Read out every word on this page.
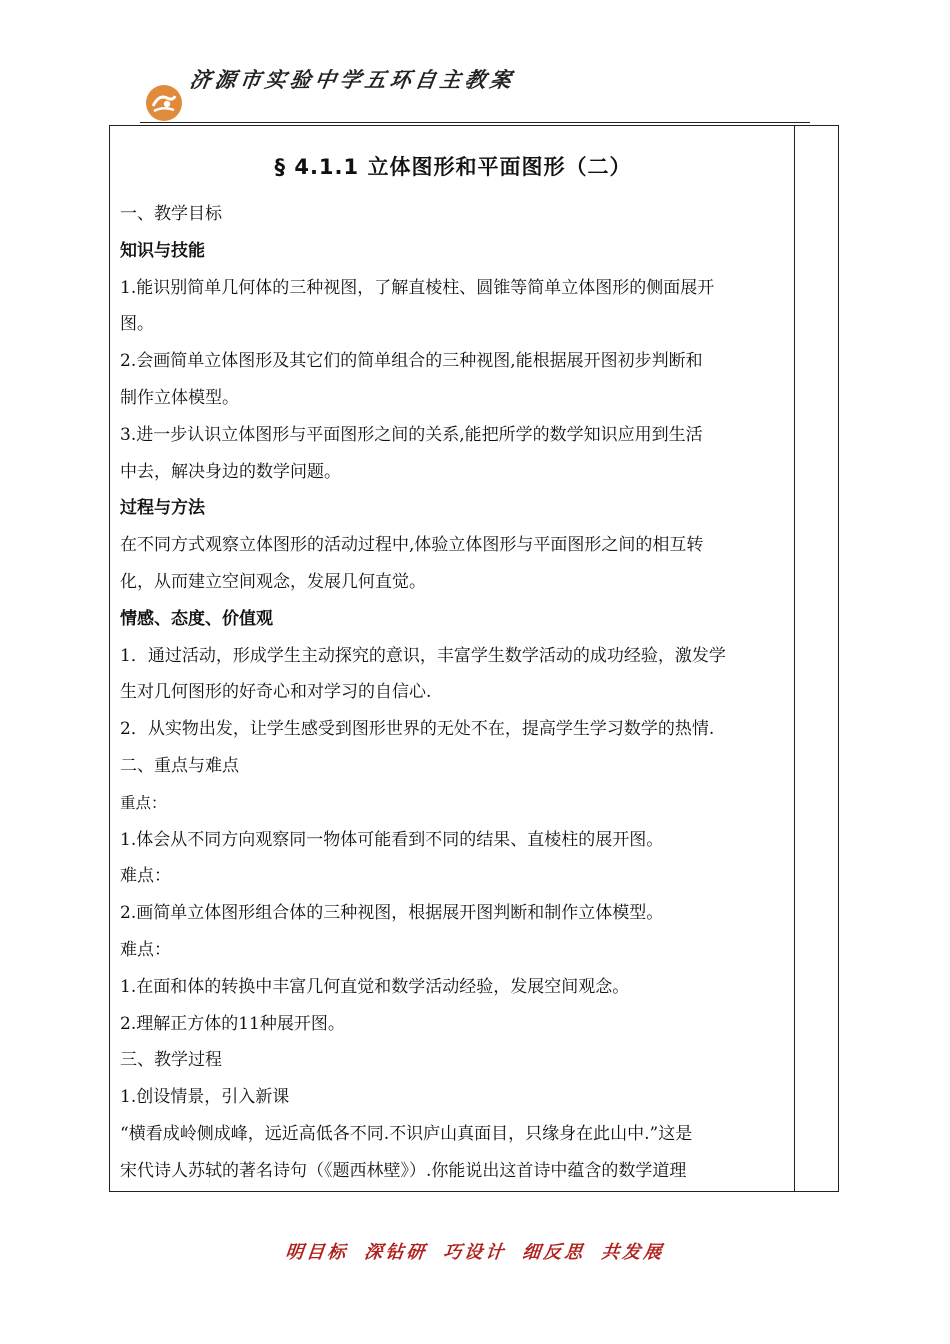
济源市实验中学五环自主教案
§ 4.1.1 立体图形和平面图形（二）
一、教学目标
知识与技能
1.能识别简单几何体的三种视图，了解直棱柱、圆锥等简单立体图形的侧面展开
图。
2.会画简单立体图形及其它们的简单组合的三种视图,能根据展开图初步判断和
制作立体模型。
3.进一步认识立体图形与平面图形之间的关系,能把所学的数学知识应用到生活
中去，解决身边的数学问题。
过程与方法
在不同方式观察立体图形的活动过程中,体验立体图形与平面图形之间的相互转
化，从而建立空间观念，发展几何直觉。
情感、态度、价值观
1．通过活动，形成学生主动探究的意识，丰富学生数学活动的成功经验，激发学
生对几何图形的好奇心和对学习的自信心.
2．从实物出发，让学生感受到图形世界的无处不在，提高学生学习数学的热情.
二、重点与难点
重点：
1.体会从不同方向观察同一物体可能看到不同的结果、直棱柱的展开图。
难点：
2.画简单立体图形组合体的三种视图，根据展开图判断和制作立体模型。
难点：
1.在面和体的转换中丰富几何直觉和数学活动经验，发展空间观念。
2.理解正方体的11种展开图。
三、教学过程
1.创设情景，引入新课
“横看成岭侧成峰，远近高低各不同.不识庐山真面目，只缘身在此山中.”这是
宋代诗人苏轼的著名诗句（《题西林壁》）.你能说出这首诗中蕴含的数学道理
明目标 深钻研 巧设计 细反思 共发展
